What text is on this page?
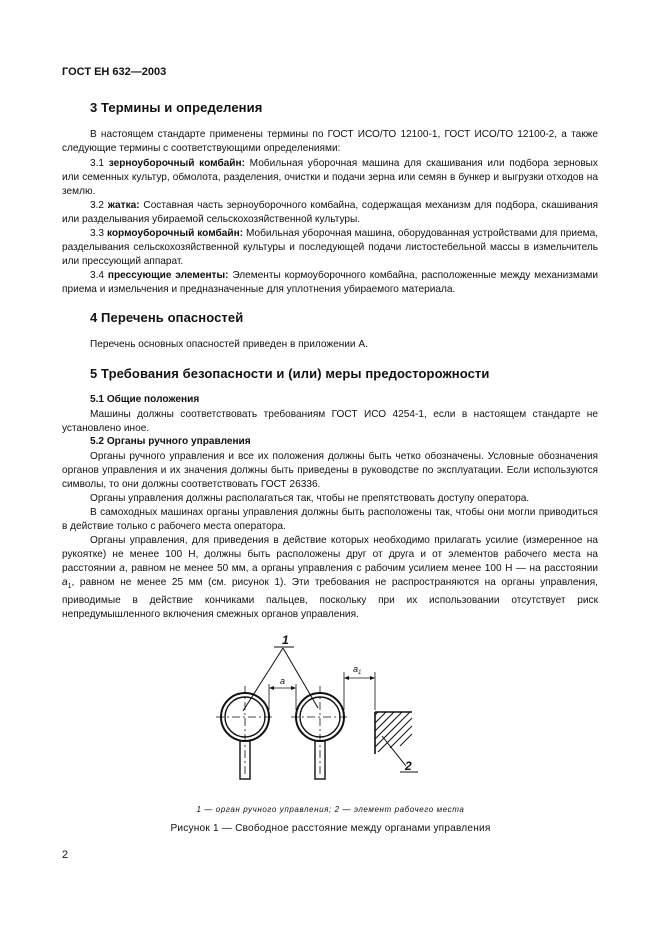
ГОСТ ЕН 632—2003
3 Термины и определения

В настоящем стандарте применены термины по ГОСТ ИСО/ТО 12100-1, ГОСТ ИСО/ТО 12100-2, а также следующие термины с соответствующими определениями:

3.1 зерноуборочный комбайн: Мобильная уборочная машина для скашивания или подбора зерновых или семенных культур, обмолота, разделения, очистки и подачи зерна или семян в бункер и выгрузки отходов на землю.

3.2 жатка: Составная часть зерноуборочного комбайна, содержащая механизм для подбора, скашивания или разделывания убираемой сельскохозяйственной культуры.

3.3 кормоуборочный комбайн: Мобильная уборочная машина, оборудованная устройствами для приема, разделывания сельскохозяйственной культуры и последующей подачи листостебельной массы в измельчитель или прессующий аппарат.

3.4 прессующие элементы: Элементы кормоуборочного комбайна, расположенные между механизмами приема и измельчения и предназначенные для уплотнения убираемого материала.

4 Перечень опасностей

Перечень основных опасностей приведен в приложении А.

5 Требования безопасности и (или) меры предосторожности
5.1 Общие положения

Машины должны соответствовать требованиям ГОСТ ИСО 4254-1, если в настоящем стандарте не установлено иное.

5.2 Органы ручного управления

Органы ручного управления и все их положения должны быть четко обозначены. Условные обозначения органов управления и их значения должны быть приведены в руководстве по эксплуатации. Если используются символы, то они должны соответствовать ГОСТ 26336.

Органы управления должны располагаться так, чтобы не препятствовать доступу оператора.

В самоходных машинах органы управления должны быть расположены так, чтобы они могли приводиться в действие только с рабочего места оператора.

Органы управления, для приведения в действие которых необходимо прилагать усилие (измеренное на рукоятке) не менее 100 Н, должны быть расположены друг от друга и от элементов рабочего места на расстоянии a, равном не менее 50 мм, а органы управления с рабочим усилием менее 100 Н — на расстоянии $a_1$, равном не менее 25 мм (см. рисунок 1). Эти требования не распространяются на органы управления, приводимые в действие кончиками пальцев, поскольку при их использовании отсутствует риск непредумышленного включения смежных органов управления.

1
a
$a_1$
2
1 — орган ручного управления; 2 — элемент рабочего места
Рисунок 1 — Свободное расстояние между органами управления
2
